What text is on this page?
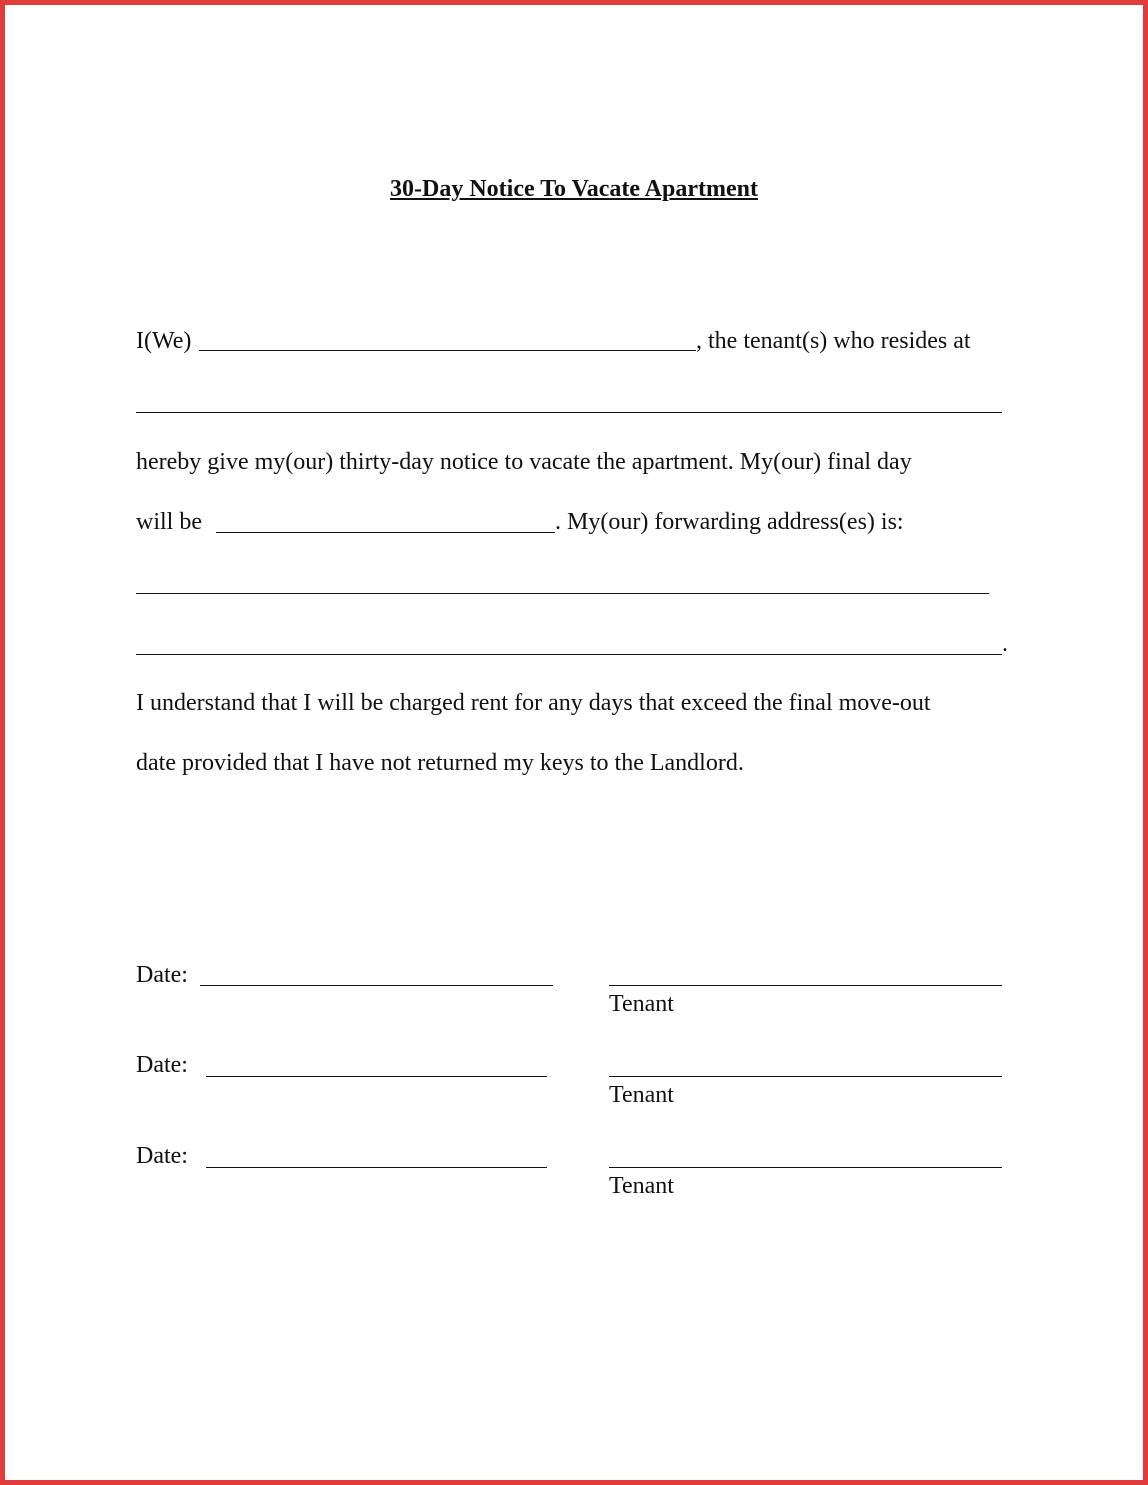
30-Day Notice To Vacate Apartment
I(We)	, the tenant(s) who resides at
hereby give my(our) thirty-day notice to vacate the apartment. My(our) final day
will be	. My(our) forwarding address(es) is:
.
I understand that I will be charged rent for any days that exceed the final move-out
date provided that I have not returned my keys to the Landlord.
Date:
Tenant
Date:
Tenant
Date:
Tenant
